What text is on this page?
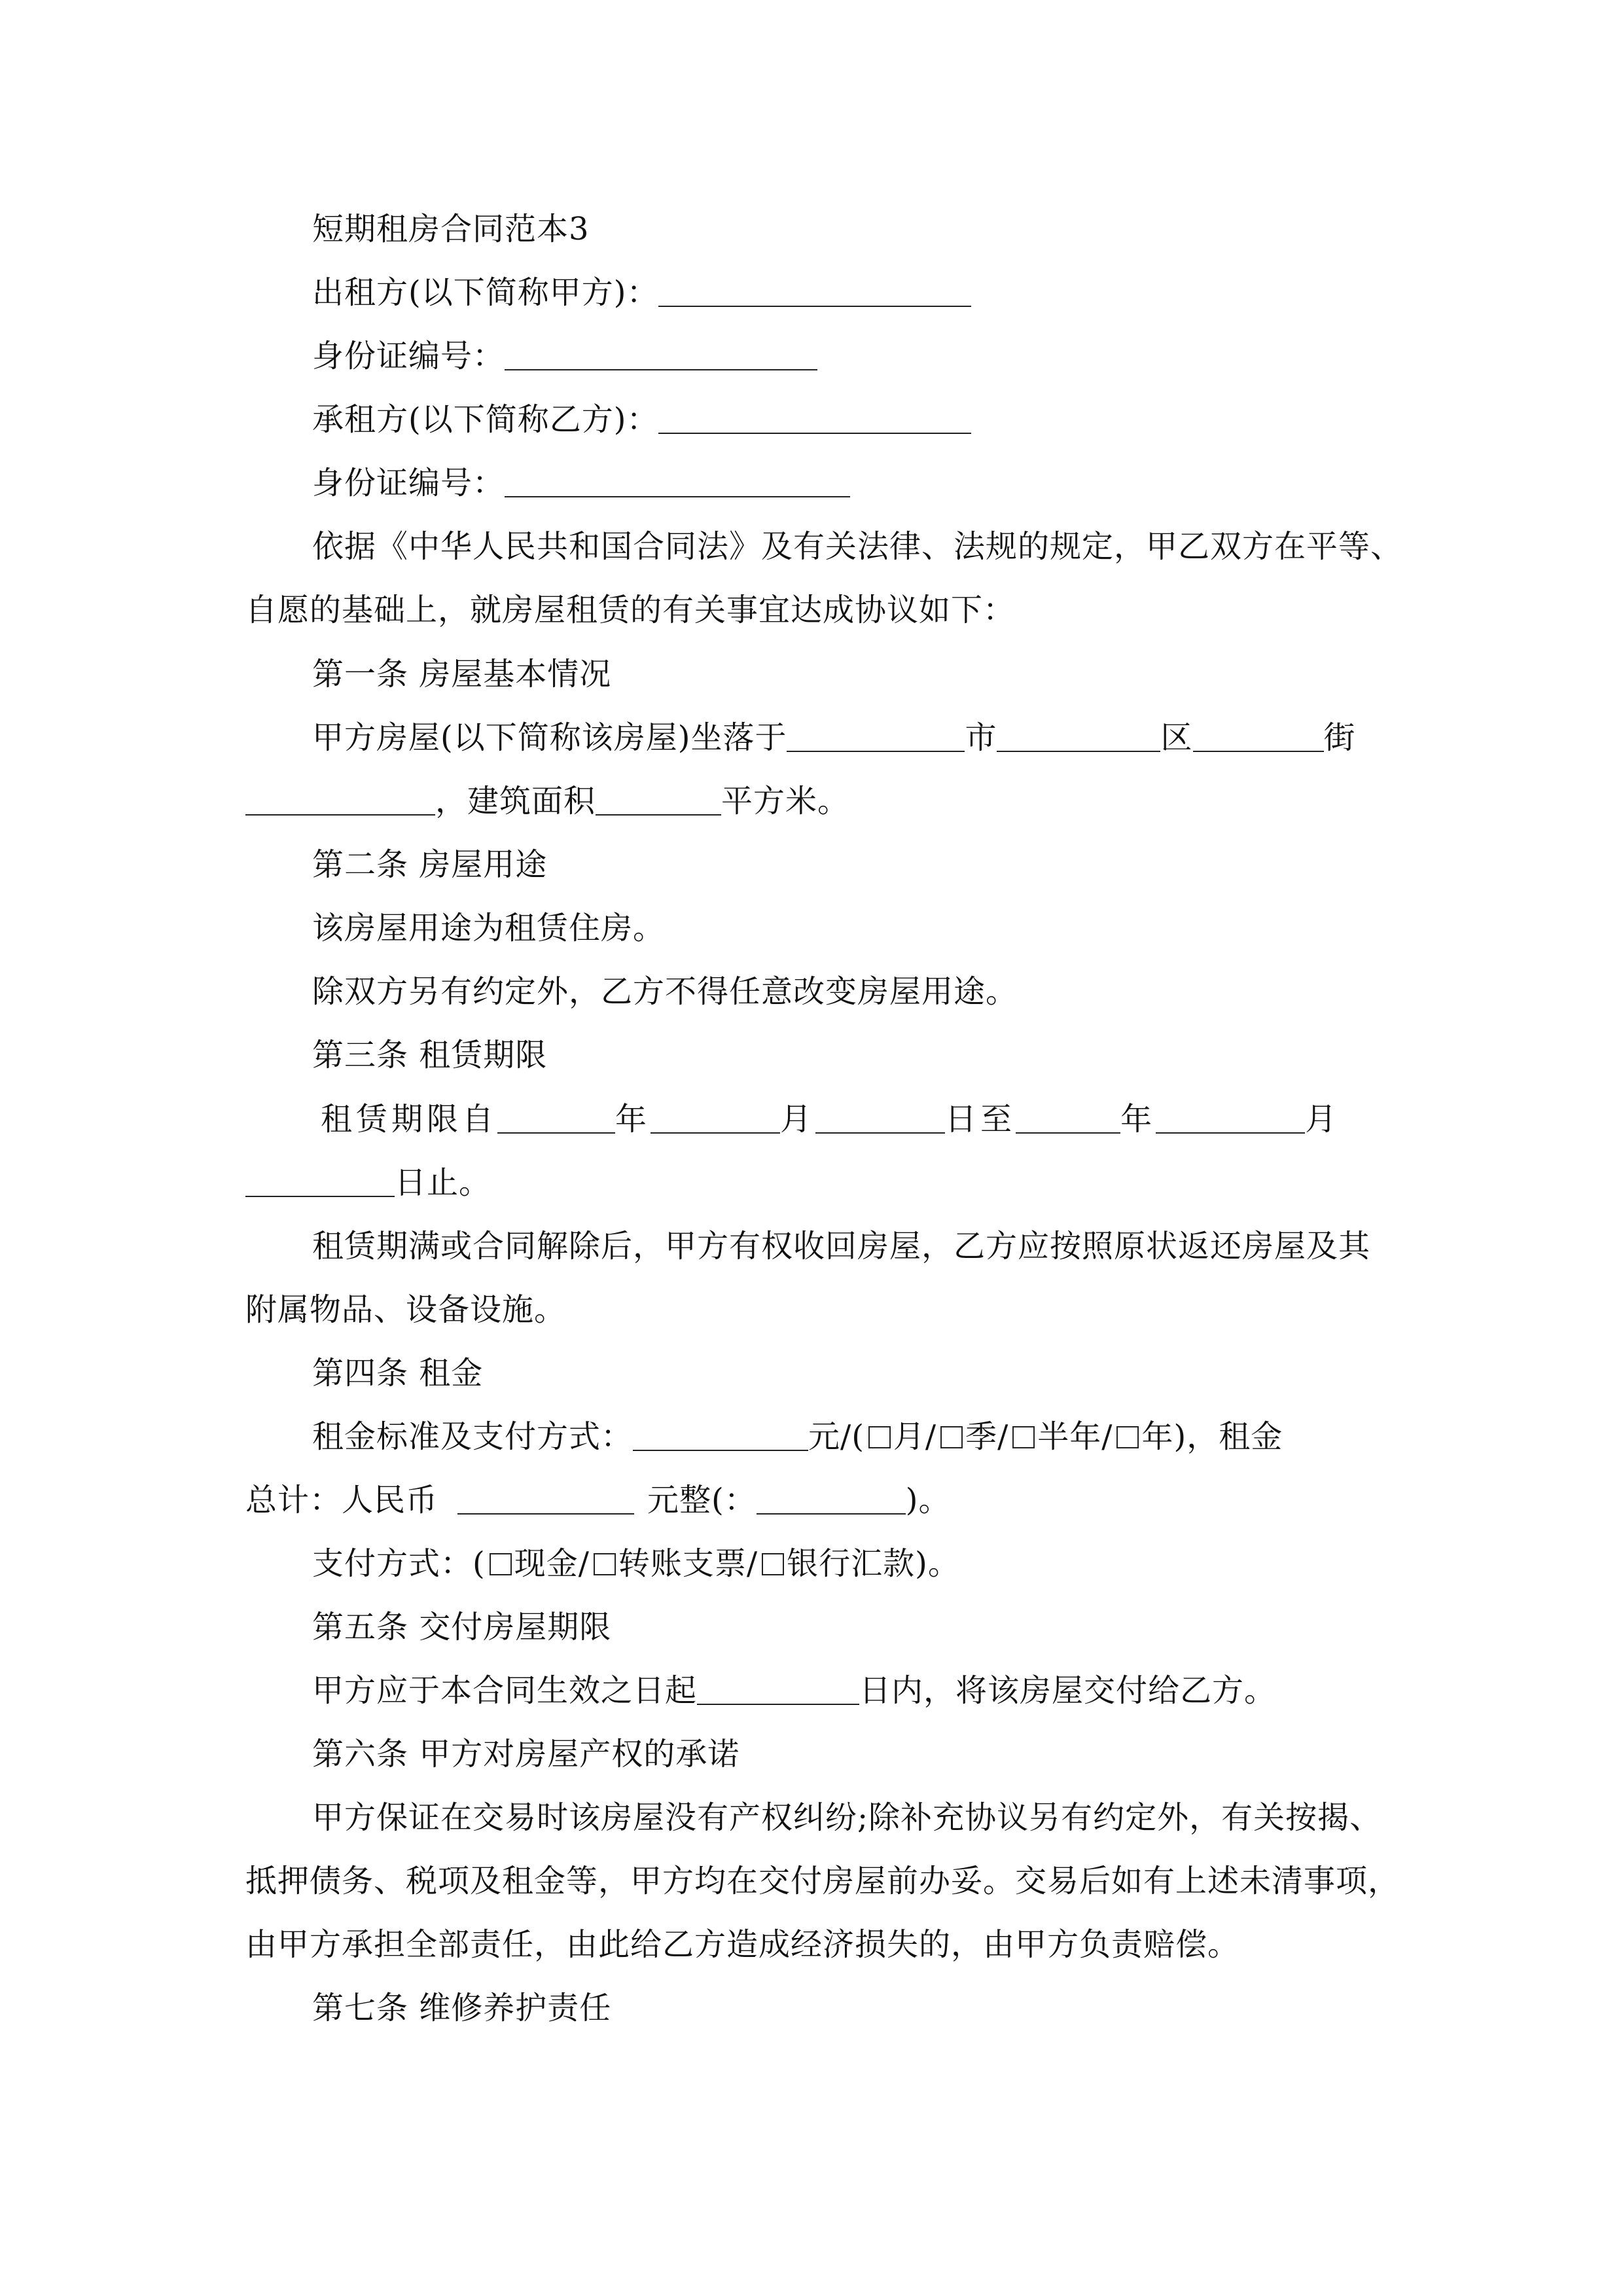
短期租房合同范本3
出租方(以下简称甲方)：
身份证编号：
承租方(以下简称乙方)：
身份证编号：
依据《中华人民共和国合同法》及有关法律、法规的规定，甲乙双方在平等、
自愿的基础上，就房屋租赁的有关事宜达成协议如下：
第一条 房屋基本情况
甲方房屋(以下简称该房屋)坐落于	市	区	街
，建筑面积	平方米。
第二条 房屋用途
该房屋用途为租赁住房。
除双方另有约定外，乙方不得任意改变房屋用途。
第三条 租赁期限
租赁期限自	年	月	日至	年	月
日止。
租赁期满或合同解除后，甲方有权收回房屋，乙方应按照原状返还房屋及其
附属物品、设备设施。
第四条 租金
租金标准及支付方式：	元/( 月/ 季/ 半年/ 年)，租金
总计：人民币	元整(：	)。
支付方式：( 现金/ 转账支票/ 银行汇款)。
第五条 交付房屋期限
甲方应于本合同生效之日起	日内，将该房屋交付给乙方。
第六条 甲方对房屋产权的承诺
甲方保证在交易时该房屋没有产权纠纷;除补充协议另有约定外，有关按揭、
抵押债务、税项及租金等，甲方均在交付房屋前办妥。交易后如有上述未清事项，
由甲方承担全部责任，由此给乙方造成经济损失的，由甲方负责赔偿。
第七条 维修养护责任
